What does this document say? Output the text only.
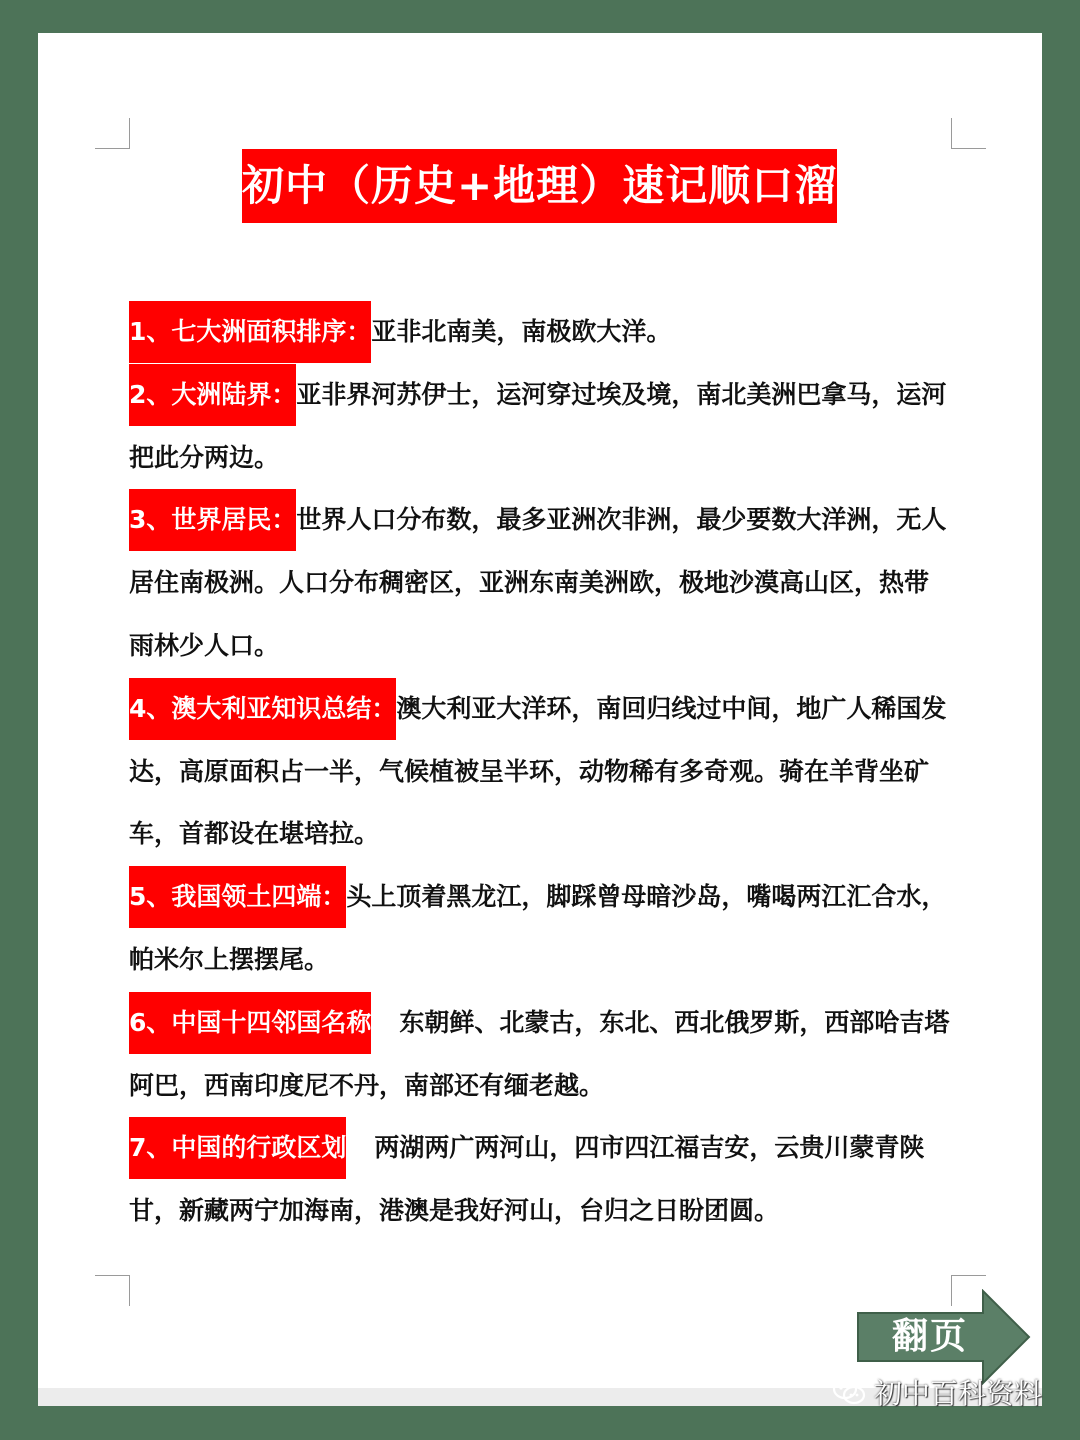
初中（历史+地理）速记顺口溜

1、七大洲面积排序：亚非北南美，南极欧大洋。

2、大洲陆界：亚非界河苏伊士，运河穿过埃及境，南北美洲巴拿马，运河把此分两边。

3、世界居民：世界人口分布数，最多亚洲次非洲，最少要数大洋洲，无人居住南极洲。人口分布稠密区，亚洲东南美洲欧，极地沙漠高山区，热带雨林少人口。

4、澳大利亚知识总结：澳大利亚大洋环，南回归线过中间，地广人稀国发达，高原面积占一半，气候植被呈半环，动物稀有多奇观。骑在羊背坐矿车，首都设在堪培拉。

5、我国领土四端：头上顶着黑龙江，脚踩曾母暗沙岛，嘴喝两江汇合水，帕米尔上摆摆尾。

6、中国十四邻国名称 东朝鲜、北蒙古，东北、西北俄罗斯，西部哈吉塔阿巴，西南印度尼不丹，南部还有缅老越。

7、中国的行政区划 两湖两广两河山，四市四江福吉安，云贵川蒙青陕甘，新藏两宁加海南，港澳是我好河山，台归之日盼团圆。

翻页
初中百科资料
